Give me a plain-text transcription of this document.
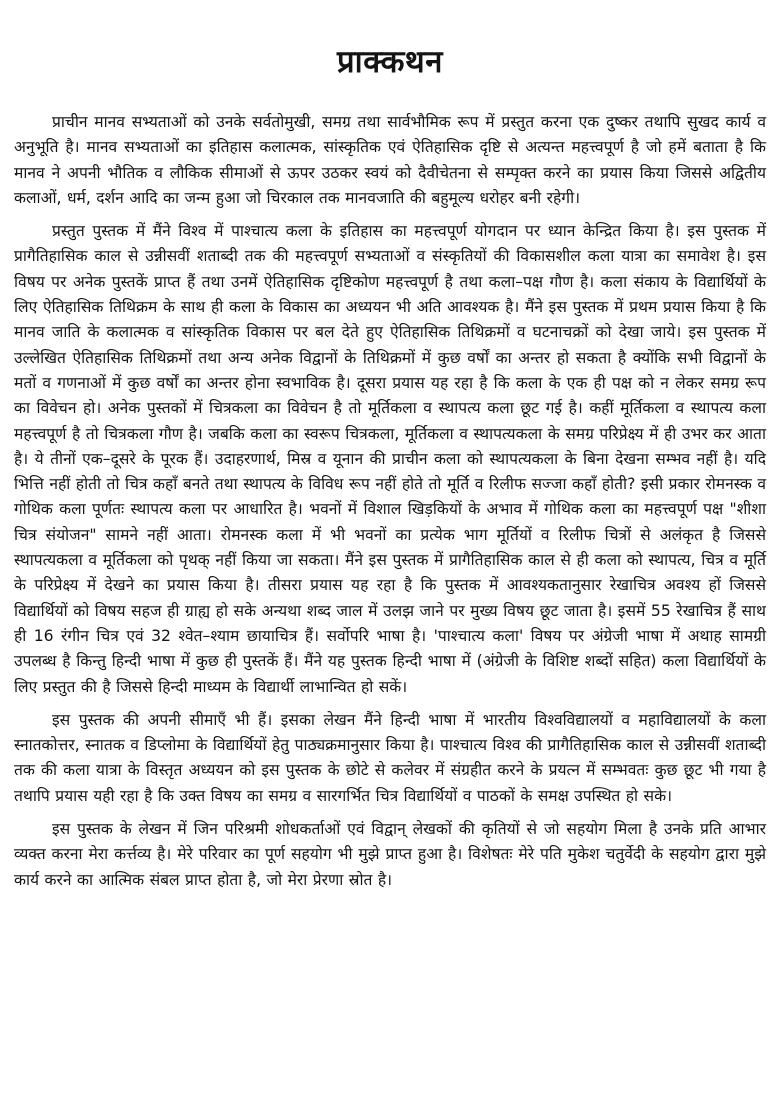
प्राक्कथन

प्राचीन मानव सभ्यताओं को उनके सर्वतोमुखी, समग्र तथा सार्वभौमिक रूप में प्रस्तुत करना एक दुष्कर तथापि सुखद कार्य व अनुभूति है। मानव सभ्यताओं का इतिहास कलात्मक, सांस्कृतिक एवं ऐतिहासिक दृष्टि से अत्यन्त महत्त्वपूर्ण है जो हमें बताता है कि मानव ने अपनी भौतिक व लौकिक सीमाओं से ऊपर उठकर स्वयं को दैवीचेतना से सम्पृक्त करने का प्रयास किया जिससे अद्वितीय कलाओं, धर्म, दर्शन आदि का जन्म हुआ जो चिरकाल तक मानवजाति की बहुमूल्य धरोहर बनी रहेगी।

प्रस्तुत पुस्तक में मैंने विश्व में पाश्चात्य कला के इतिहास का महत्त्वपूर्ण योगदान पर ध्यान केन्द्रित किया है। इस पुस्तक में प्रागैतिहासिक काल से उन्नीसवीं शताब्दी तक की महत्त्वपूर्ण सभ्यताओं व संस्कृतियों की विकासशील कला यात्रा का समावेश है। इस विषय पर अनेक पुस्तकें प्राप्त हैं तथा उनमें ऐतिहासिक दृष्टिकोण महत्त्वपूर्ण है तथा कला–पक्ष गौण है। कला संकाय के विद्यार्थियों के लिए ऐतिहासिक तिथिक्रम के साथ ही कला के विकास का अध्ययन भी अति आवश्यक है। मैंने इस पुस्तक में प्रथम प्रयास किया है कि मानव जाति के कलात्मक व सांस्कृतिक विकास पर बल देते हुए ऐतिहासिक तिथिक्रमों व घटनाचक्रों को देखा जाये। इस पुस्तक में उल्लेखित ऐतिहासिक तिथिक्रमों तथा अन्य अनेक विद्वानों के तिथिक्रमों में कुछ वर्षों का अन्तर हो सकता है क्योंकि सभी विद्वानों के मतों व गणनाओं में कुछ वर्षों का अन्तर होना स्वभाविक है। दूसरा प्रयास यह रहा है कि कला के एक ही पक्ष को न लेकर समग्र रूप का विवेचन हो। अनेक पुस्तकों में चित्रकला का विवेचन है तो मूर्तिकला व स्थापत्य कला छूट गई है। कहीं मूर्तिकला व स्थापत्य कला महत्त्वपूर्ण है तो चित्रकला गौण है। जबकि कला का स्वरूप चित्रकला, मूर्तिकला व स्थापत्यकला के समग्र परिप्रेक्ष्य में ही उभर कर आता है। ये तीनों एक–दूसरे के पूरक हैं। उदाहरणार्थ, मिस्र व यूनान की प्राचीन कला को स्थापत्यकला के बिना देखना सम्भव नहीं है। यदि भित्ति नहीं होती तो चित्र कहाँ बनते तथा स्थापत्य के विविध रूप नहीं होते तो मूर्ति व रिलीफ सज्जा कहाँ होती? इसी प्रकार रोमनस्क व गोथिक कला पूर्णतः स्थापत्य कला पर आधारित है। भवनों में विशाल खिड़कियों के अभाव में गोथिक कला का महत्त्वपूर्ण पक्ष "शीशा चित्र संयोजन" सामने नहीं आता। रोमनस्क कला में भी भवनों का प्रत्येक भाग मूर्तियों व रिलीफ चित्रों से अलंकृत है जिससे स्थापत्यकला व मूर्तिकला को पृथक् नहीं किया जा सकता। मैंने इस पुस्तक में प्रागैतिहासिक काल से ही कला को स्थापत्य, चित्र व मूर्ति के परिप्रेक्ष्य में देखने का प्रयास किया है। तीसरा प्रयास यह रहा है कि पुस्तक में आवश्यकतानुसार रेखाचित्र अवश्य हों जिससे विद्यार्थियों को विषय सहज ही ग्राह्य हो सके अन्यथा शब्द जाल में उलझ जाने पर मुख्य विषय छूट जाता है। इसमें 55 रेखाचित्र हैं साथ ही 16 रंगीन चित्र एवं 32 श्वेत–श्याम छायाचित्र हैं। सर्वोपरि भाषा है। 'पाश्चात्य कला' विषय पर अंग्रेजी भाषा में अथाह सामग्री उपलब्ध है किन्तु हिन्दी भाषा में कुछ ही पुस्तकें हैं। मैंने यह पुस्तक हिन्दी भाषा में (अंग्रेजी के विशिष्ट शब्दों सहित) कला विद्यार्थियों के लिए प्रस्तुत की है जिससे हिन्दी माध्यम के विद्यार्थी लाभान्वित हो सकें।

इस पुस्तक की अपनी सीमाएँ भी हैं। इसका लेखन मैंने हिन्दी भाषा में भारतीय विश्वविद्यालयों व महाविद्यालयों के कला स्नातकोत्तर, स्नातक व डिप्लोमा के विद्यार्थियों हेतु पाठ्यक्रमानुसार किया है। पाश्चात्य विश्व की प्रागैतिहासिक काल से उन्नीसवीं शताब्दी तक की कला यात्रा के विस्तृत अध्ययन को इस पुस्तक के छोटे से कलेवर में संग्रहीत करने के प्रयत्न में सम्भवतः कुछ छूट भी गया है तथापि प्रयास यही रहा है कि उक्त विषय का समग्र व सारगर्भित चित्र विद्यार्थियों व पाठकों के समक्ष उपस्थित हो सके।

इस पुस्तक के लेखन में जिन परिश्रमी शोधकर्ताओं एवं विद्वान् लेखकों की कृतियों से जो सहयोग मिला है उनके प्रति आभार व्यक्त करना मेरा कर्त्तव्य है। मेरे परिवार का पूर्ण सहयोग भी मुझे प्राप्त हुआ है। विशेषतः मेरे पति मुकेश चतुर्वेदी के सहयोग द्वारा मुझे कार्य करने का आत्मिक संबल प्राप्त होता है, जो मेरा प्रेरणा स्रोत है।
